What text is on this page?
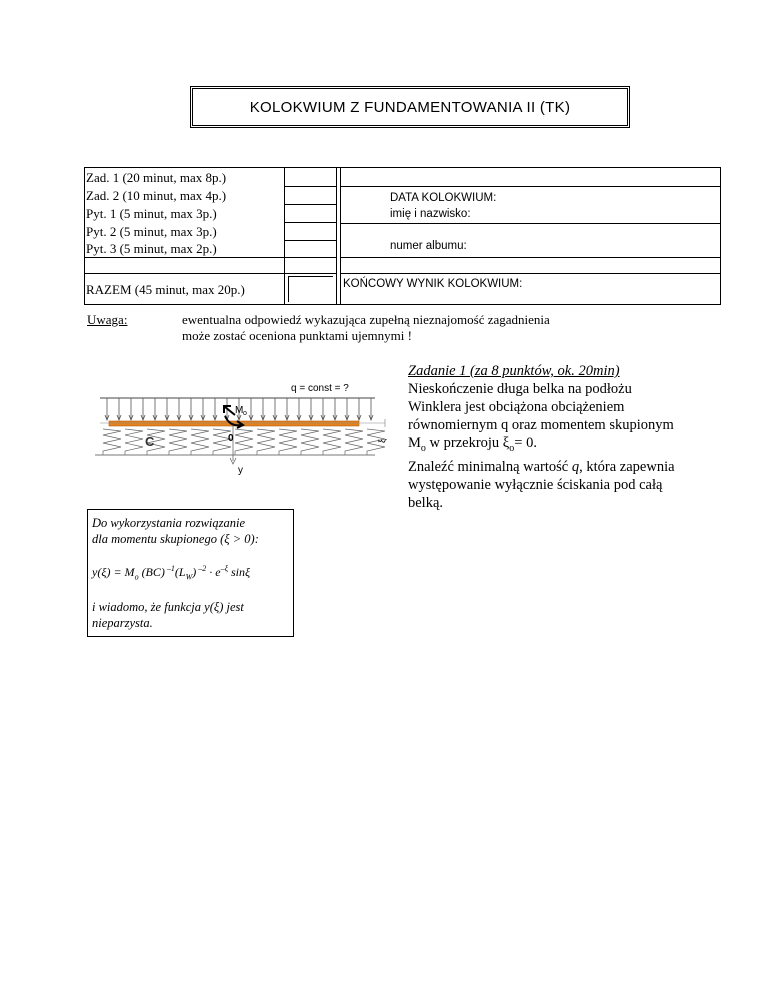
KOLOKWIUM Z FUNDAMENTOWANIA II (TK)
Zad. 1 (20 minut, max 8p.)
Zad. 2 (10 minut, max 4p.)
Pyt. 1 (5 minut, max 3p.)
Pyt. 2 (5 minut, max 3p.)
Pyt. 3 (5 minut, max 2p.)
RAZEM (45 minut, max 20p.)
DATA KOLOKWIUM:
imię i nazwisko:
numer albumu:
KOŃCOWY WYNIK KOLOKWIUM:
Uwaga:	ewentualna odpowiedź wykazująca zupełną nieznajomość zagadnienia
może zostać oceniona punktami ujemnymi !
q = const = ?
M o
0
C
y
ξ

Zadanie 1 (za 8 punktów, ok. 20min)

Nieskończenie długa belka na podłożu

Winklera jest obciążona obciążeniem

równomiernym q oraz momentem skupionym

$M_o$ w przekroju $\xi_o= 0$.

Znaleźć minimalną wartość q, która zapewnia

występowanie wyłącznie ściskania pod całą

belką.

Do wykorzystania rozwiązanie

dla momentu skupionego (ξ > 0):

$y(\xi) = M_o$ (BC) $^{-1}(L_W) ^{-2} \cdot e^{-\xi}$ sinξ

i wiadomo, że funkcja y(ξ) jest

nieparzysta.
